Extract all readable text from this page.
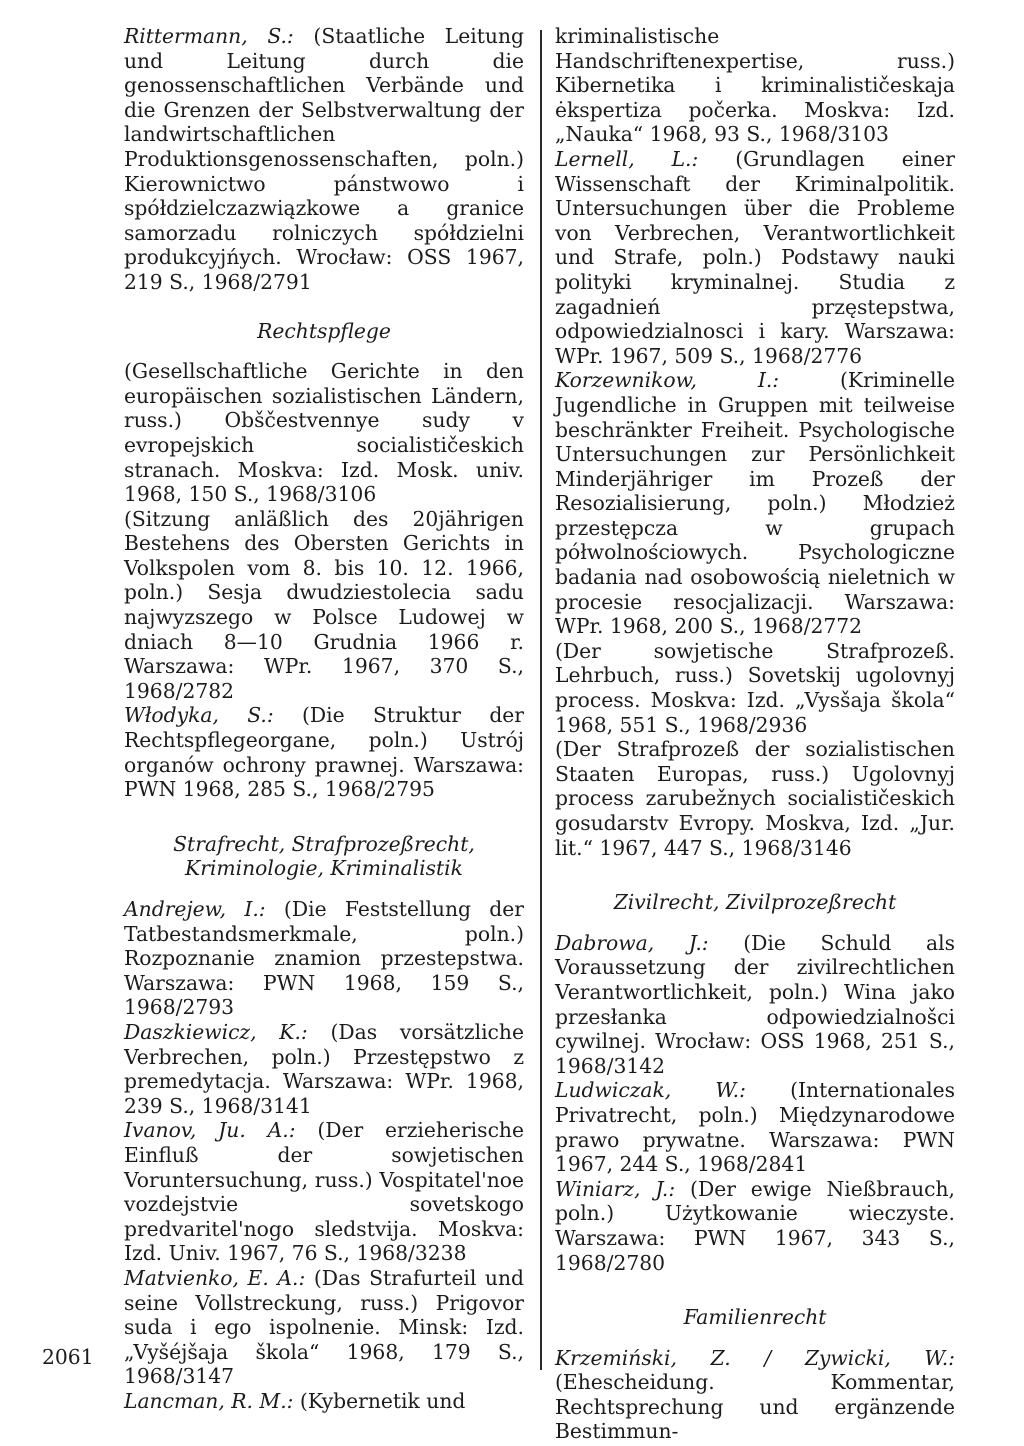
Rittermann, S.: (Staatliche Leitung und Leitung durch die genossenschaftlichen Verbände und die Grenzen der Selbstverwaltung der landwirtschaftlichen Produktionsgenossenschaften, poln.) Kierownictwo pánstwowo i spółdzielczazwiązkowe a granice samorzadu rolniczych spółdzielni produkcyjńych. Wrocław: OSS 1967, 219 S., 1968/2791
Rechtspflege
(Gesellschaftliche Gerichte in den europäischen sozialistischen Ländern, russ.) Obščestvennye sudy v evropejskich socialističeskich stranach. Moskva: Izd. Mosk. univ. 1968, 150 S., 1968/3106
(Sitzung anläßlich des 20jährigen Bestehens des Obersten Gerichts in Volkspolen vom 8. bis 10. 12. 1966, poln.) Sesja dwudziestolecia sadu najwyzszego w Polsce Ludowej w dniach 8—10 Grudnia 1966 r. Warszawa: WPr. 1967, 370 S., 1968/2782
Włodyka, S.: (Die Struktur der Rechtspflegeorgane, poln.) Ustrój organów ochrony prawnej. Warszawa: PWN 1968, 285 S., 1968/2795
Strafrecht, Strafprozeßrecht,
Kriminologie, Kriminalistik
Andrejew, I.: (Die Feststellung der Tatbestandsmerkmale, poln.) Rozpoznanie znamion przestepstwa. Warszawa: PWN 1968, 159 S., 1968/2793
Daszkiewicz, K.: (Das vorsätzliche Verbrechen, poln.) Przestępstwo z premedytacja. Warszawa: WPr. 1968, 239 S., 1968/3141
Ivanov, Ju. A.: (Der erzieherische Einfluß der sowjetischen Voruntersuchung, russ.) Vospitatel'noe vozdejstvie sovetskogo predvaritel'nogo sledstvija. Moskva: Izd. Univ. 1967, 76 S., 1968/3238
Matvienko, E. A.: (Das Strafurteil und seine Vollstreckung, russ.) Prigovor suda i ego ispolnenie. Minsk: Izd. „Vyšéjšaja škola“ 1968, 179 S., 1968/3147
Lancman, R. M.: (Kybernetik und
kriminalistische Handschriftenexpertise, russ.) Kibernetika i kriminalističeskaja ėkspertiza počerka. Moskva: Izd. „Nauka“ 1968, 93 S., 1968/3103
Lernell, L.: (Grundlagen einer Wissenschaft der Kriminalpolitik. Untersuchungen über die Probleme von Verbrechen, Verantwortlichkeit und Strafe, poln.) Podstawy nauki polityki kryminalnej. Studia z zagadnień przęstepstwa, odpowiedzialnosci i kary. Warszawa: WPr. 1967, 509 S., 1968/2776
Korzewnikow, I.: (Kriminelle Jugendliche in Gruppen mit teilweise beschränkter Freiheit. Psychologische Untersuchungen zur Persönlichkeit Minderjähriger im Prozeß der Resozialisierung, poln.) Młodzież przestępcza w grupach półwolnościowych. Psychologiczne badania nad osobowością nieletnich w procesie resocjalizacji. Warszawa: WPr. 1968, 200 S., 1968/2772
(Der sowjetische Strafprozeß. Lehrbuch, russ.) Sovetskij ugolovnyj process. Moskva: Izd. „Vysšaja škola“ 1968, 551 S., 1968/2936
(Der Strafprozeß der sozialistischen Staaten Europas, russ.) Ugolovnyj process zarubežnych socialističeskich gosudarstv Evropy. Moskva, Izd. „Jur. lit.“ 1967, 447 S., 1968/3146
Zivilrecht, Zivilprozeßrecht
Dabrowa, J.: (Die Schuld als Voraussetzung der zivilrechtlichen Verantwortlichkeit, poln.) Wina jako przesłanka odpowiedzialnošci cywilnej. Wrocław: OSS 1968, 251 S., 1968/3142
Ludwiczak, W.: (Internationales Privatrecht, poln.) Międzynarodowe prawo prywatne. Warszawa: PWN 1967, 244 S., 1968/2841
Winiarz, J.: (Der ewige Nießbrauch, poln.) Użytkowanie wieczyste. Warszawa: PWN 1967, 343 S., 1968/2780
Familienrecht
Krzemiński, Z. / Zywicki, W.: (Ehescheidung. Kommentar, Rechtsprechung und ergänzende Bestimmun-
2061
